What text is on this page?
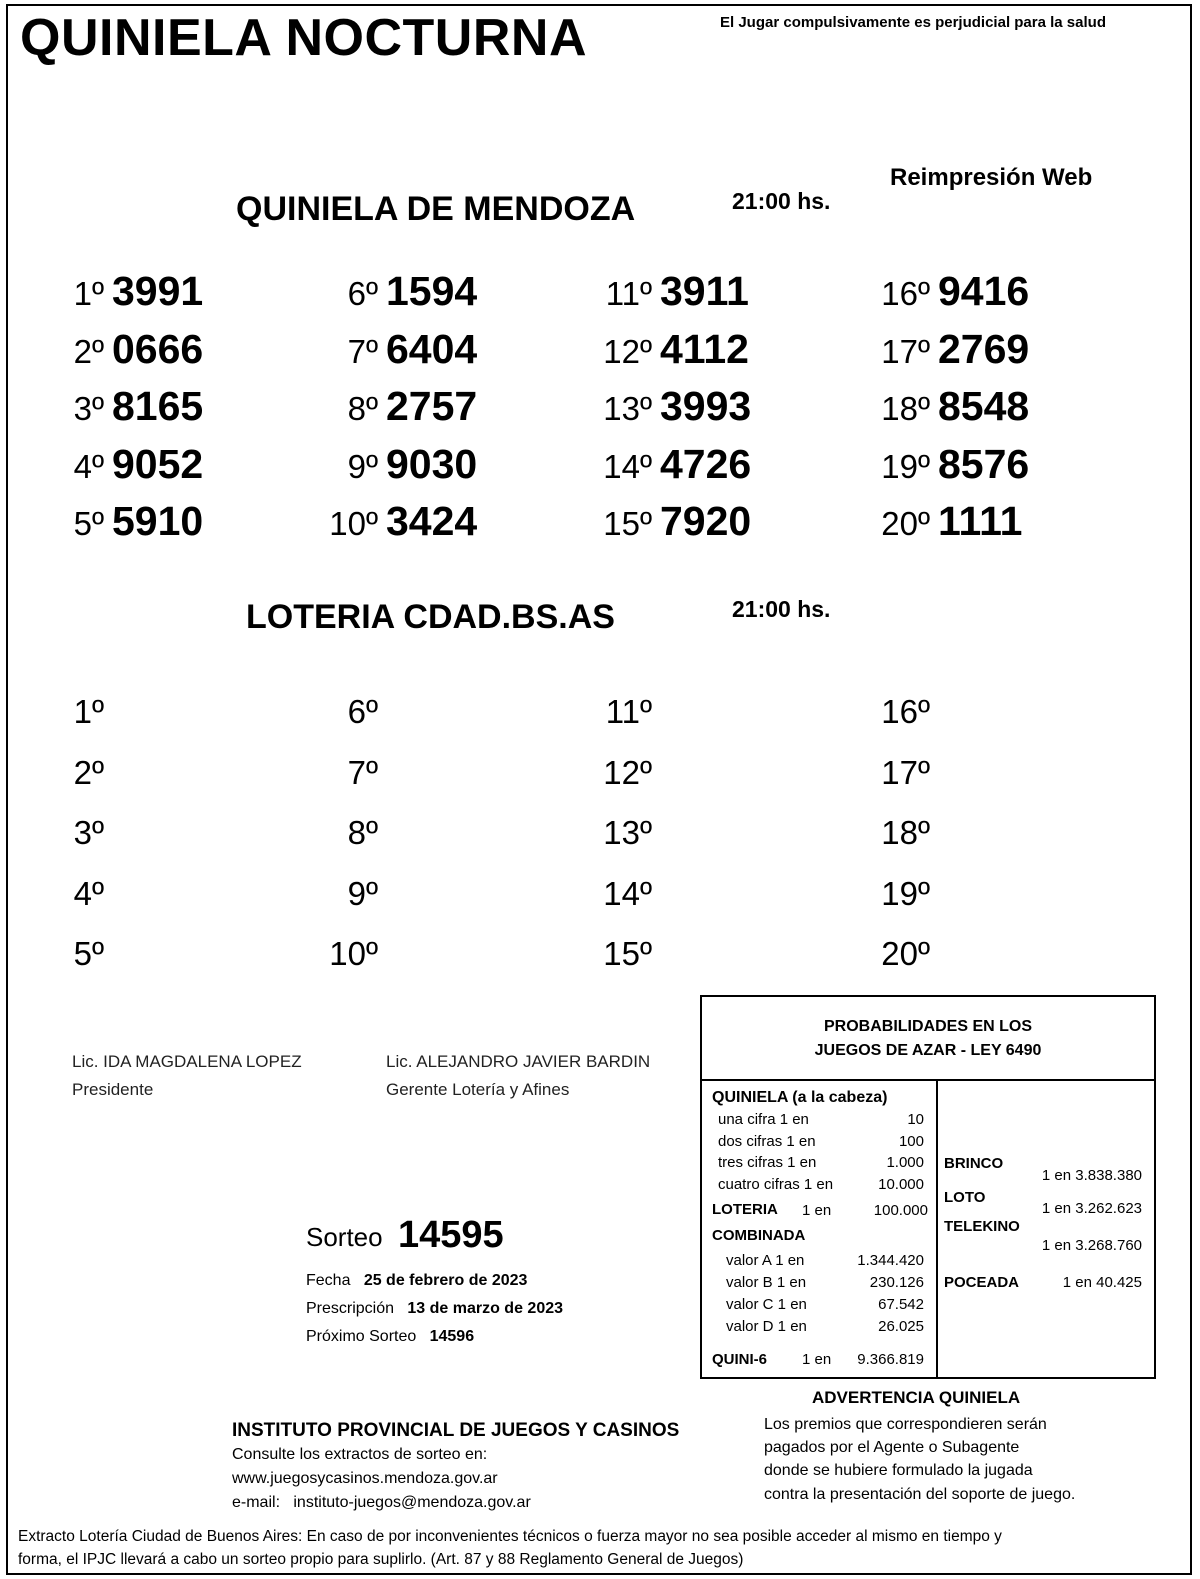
QUINIELA NOCTURNA	El Jugar compulsivamente es perjudicial para la salud
Reimpresión Web
QUINIELA DE MENDOZA	21:00 hs.
1º 3991
2º 0666
3º 8165
4º 9052
5º 5910
6º 1594
7º 6404
8º 2757
9º 9030
10º 3424
11º 3911
12º 4112
13º 3993
14º 4726
15º 7920
16º 9416
17º 2769
18º 8548
19º 8576
20º 1111
LOTERIA CDAD.BS.AS	21:00 hs.
1º
2º
3º
4º
5º
6º
7º
8º
9º
10º
11º
12º
13º
14º
15º
16º
17º
18º
19º
20º
Lic. IDA MAGDALENA LOPEZ
Presidente
Lic. ALEJANDRO JAVIER BARDIN
Gerente Lotería y Afines
Sorteo 14595
Fecha 25 de febrero de 2023
Prescripción 13 de marzo de 2023
Próximo Sorteo 14596
PROBABILIDADES EN LOS
JUEGOS DE AZAR - LEY 6490
QUINIELA (a la cabeza)
una cifra 1 en	10
dos cifras 1 en	100
tres cifras 1 en	1.000
cuatro cifras 1 en	10.000
LOTERIA 1 en	100.000
COMBINADA
valor A 1 en	1.344.420
valor B 1 en	230.126
valor C 1 en	67.542
valor D 1 en	26.025
QUINI-6 1 en 9.366.819
BRINCO
1 en 3.838.380
LOTO
1 en 3.262.623
TELEKINO
1 en 3.268.760
POCEADA	1 en 40.425
ADVERTENCIA QUINIELA
Los premios que correspondieren serán
pagados por el Agente o Subagente
donde se hubiere formulado la jugada
contra la presentación del soporte de juego.
INSTITUTO PROVINCIAL DE JUEGOS Y CASINOS
Consulte los extractos de sorteo en:
www.juegosycasinos.mendoza.gov.ar
e-mail: instituto-juegos@mendoza.gov.ar
Extracto Lotería Ciudad de Buenos Aires: En caso de por inconvenientes técnicos o fuerza mayor no sea posible acceder al mismo en tiempo y
forma, el IPJC llevará a cabo un sorteo propio para suplirlo. (Art. 87 y 88 Reglamento General de Juegos)
